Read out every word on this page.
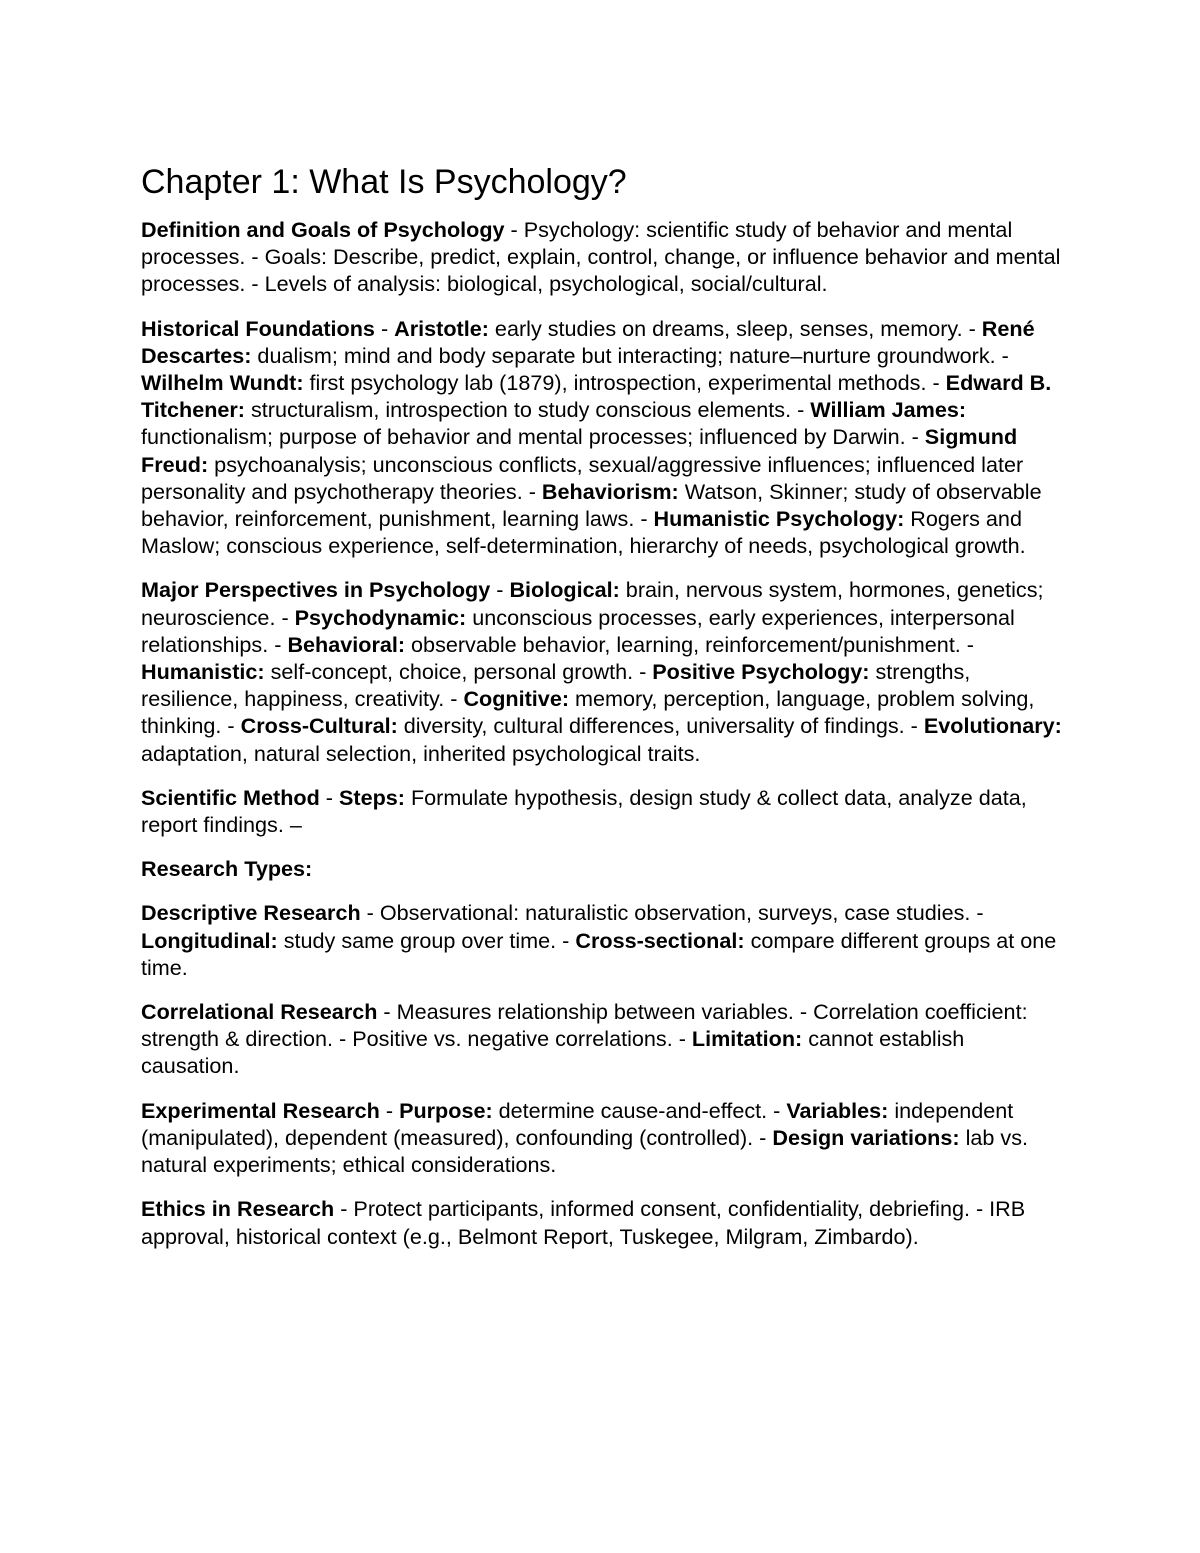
Chapter 1: What Is Psychology?

Definition and Goals of Psychology - Psychology: scientific study of behavior and mental processes. - Goals: Describe, predict, explain, control, change, or influence behavior and mental processes. - Levels of analysis: biological, psychological, social/cultural.

Historical Foundations - Aristotle: early studies on dreams, sleep, senses, memory. - René Descartes: dualism; mind and body separate but interacting; nature–nurture groundwork. - Wilhelm Wundt: first psychology lab (1879), introspection, experimental methods. - Edward B. Titchener: structuralism, introspection to study conscious elements. - William James: functionalism; purpose of behavior and mental processes; influenced by Darwin. - Sigmund Freud: psychoanalysis; unconscious conflicts, sexual/aggressive influences; influenced later personality and psychotherapy theories. - Behaviorism: Watson, Skinner; study of observable behavior, reinforcement, punishment, learning laws. - Humanistic Psychology: Rogers and Maslow; conscious experience, self-determination, hierarchy of needs, psychological growth.

Major Perspectives in Psychology - Biological: brain, nervous system, hormones, genetics; neuroscience. - Psychodynamic: unconscious processes, early experiences, interpersonal relationships. - Behavioral: observable behavior, learning, reinforcement/punishment. - Humanistic: self-concept, choice, personal growth. - Positive Psychology: strengths, resilience, happiness, creativity. - Cognitive: memory, perception, language, problem solving, thinking. - Cross-Cultural: diversity, cultural differences, universality of findings. - Evolutionary: adaptation, natural selection, inherited psychological traits.

Scientific Method - Steps: Formulate hypothesis, design study & collect data, analyze data, report findings. –

Research Types:

Descriptive Research - Observational: naturalistic observation, surveys, case studies. - Longitudinal: study same group over time. - Cross-sectional: compare different groups at one time.

Correlational Research - Measures relationship between variables. - Correlation coefficient: strength & direction. - Positive vs. negative correlations. - Limitation: cannot establish causation.

Experimental Research - Purpose: determine cause-and-effect. - Variables: independent (manipulated), dependent (measured), confounding (controlled). - Design variations: lab vs. natural experiments; ethical considerations.

Ethics in Research - Protect participants, informed consent, confidentiality, debriefing. - IRB approval, historical context (e.g., Belmont Report, Tuskegee, Milgram, Zimbardo).
